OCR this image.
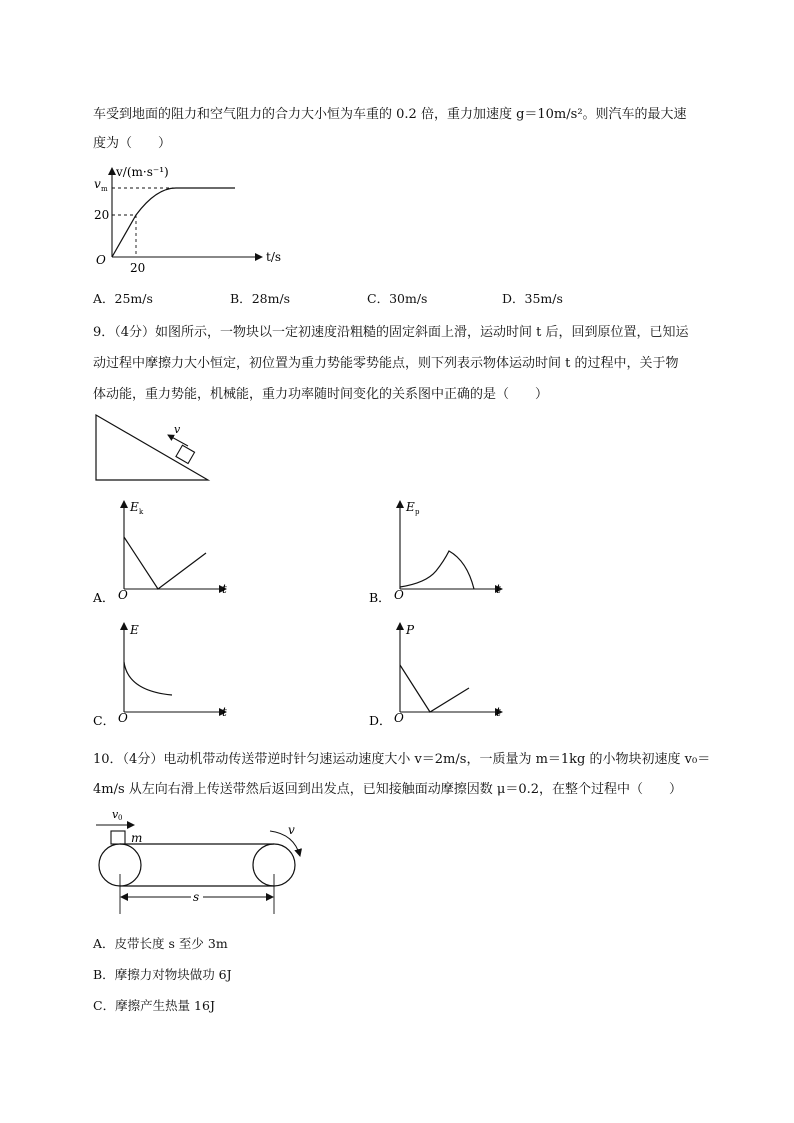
车受到地面的阻力和空气阻力的合力大小恒为车重的 0.2 倍，重力加速度 g＝10m/s²。则汽车的最大速
度为（　　）
v/(m·s⁻¹)
v m
20
O
20
t/s
A．25m/s	B．28m/s	C．30m/s	D．35m/s
9．（4分）如图所示，一物块以一定初速度沿粗糙的固定斜面上滑，运动时间 t 后，回到原位置，已知运
动过程中摩擦力大小恒定，初位置为重力势能零势能点，则下列表示物体运动时间 t 的过程中，关于物
体动能，重力势能，机械能，重力功率随时间变化的关系图中正确的是（　　）
v
E k
A． O	t
E p
B． O	t
E
C． O	t
P
D． O	t
10．（4分）电动机带动传送带逆时针匀速运动速度大小 v＝2m/s，一质量为 m＝1kg 的小物块初速度 v₀＝
4m/s 从左向右滑上传送带然后返回到出发点，已知接触面动摩擦因数 μ＝0.2，在整个过程中（　　）
v 0
m
v
s
A．皮带长度 s 至少 3m
B．摩擦力对物块做功 6J
C．摩擦产生热量 16J
